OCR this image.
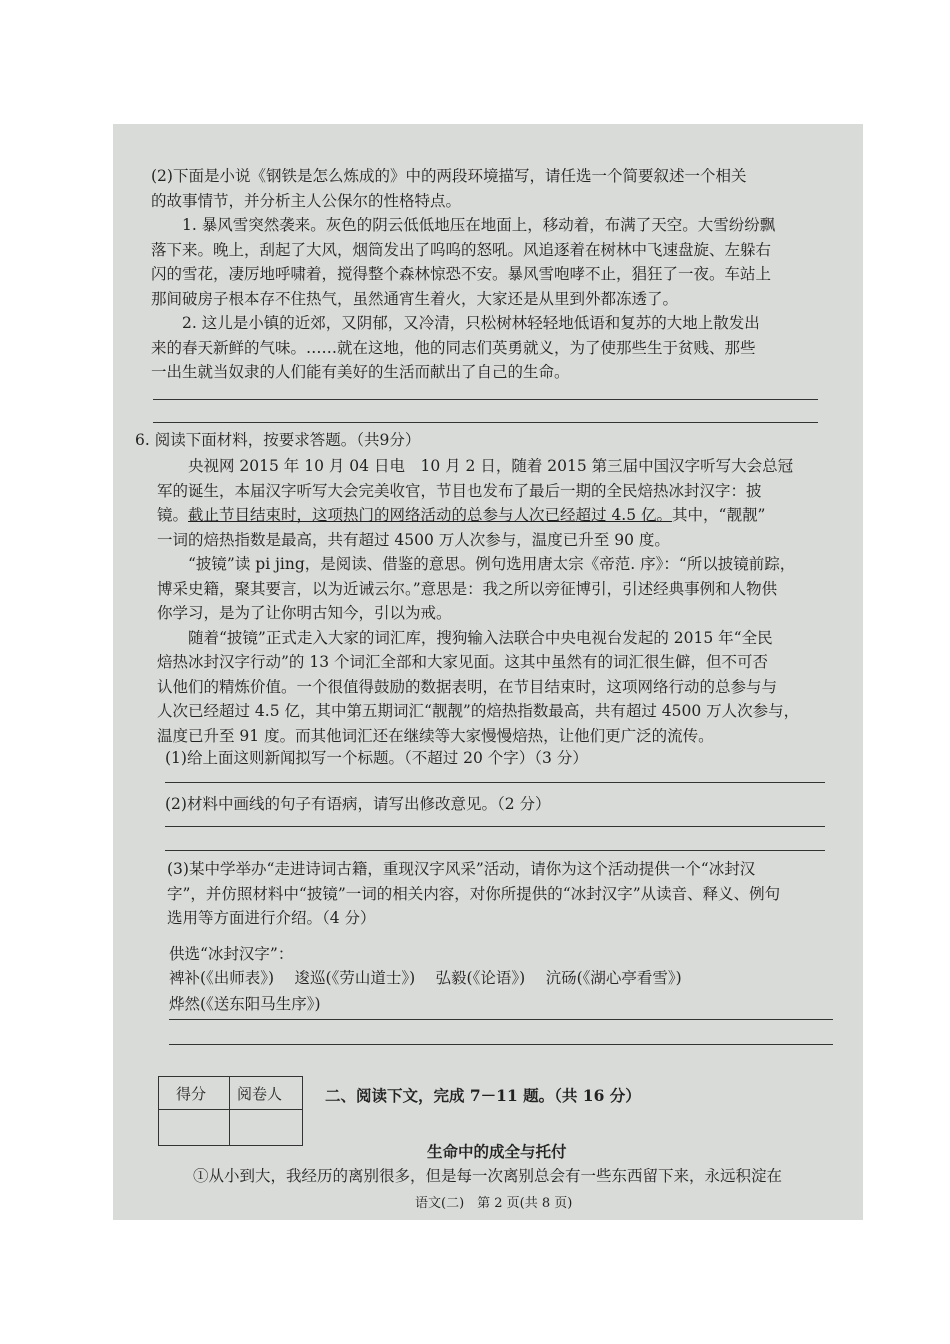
(2)下面是小说《钢铁是怎么炼成的》中的两段环境描写，请任选一个简要叙述一个相关
的故事情节，并分析主人公保尔的性格特点。
　　1. 暴风雪突然袭来。灰色的阴云低低地压在地面上，移动着，布满了天空。大雪纷纷飘
落下来。晚上，刮起了大风，烟筒发出了呜呜的怒吼。风追逐着在树林中飞速盘旋、左躲右
闪的雪花，凄厉地呼啸着，搅得整个森林惊恐不安。暴风雪咆哮不止，猖狂了一夜。车站上
那间破房子根本存不住热气，虽然通宵生着火，大家还是从里到外都冻透了。
　　2. 这儿是小镇的近郊，又阴郁，又冷清，只松树林轻轻地低语和复苏的大地上散发出
来的春天新鲜的气味。……就在这地，他的同志们英勇就义，为了使那些生于贫贱、那些
一出生就当奴隶的人们能有美好的生活而献出了自己的生命。
6. 阅读下面材料，按要求答题。（共9分）
　　央视网 2015 年 10 月 04 日电　10 月 2 日，随着 2015 第三届中国汉字听写大会总冠
军的诞生，本届汉字听写大会完美收官，节目也发布了最后一期的全民焙热冰封汉字：披
镜。截止节目结束时，这项热门的网络活动的总参与人次已经超过 4.5 亿。其中，“靓靓”
一词的焙热指数是最高，共有超过 4500 万人次参与，温度已升至 90 度。
　　“披镜”读 pi jing，是阅读、借鉴的意思。例句选用唐太宗《帝范. 序》：“所以披镜前踪，
博采史籍，聚其要言，以为近诫云尔。”意思是：我之所以旁征博引，引述经典事例和人物供
你学习，是为了让你明古知今，引以为戒。
　　随着“披镜”正式走入大家的词汇库，搜狗输入法联合中央电视台发起的 2015 年“全民
焙热冰封汉字行动”的 13 个词汇全部和大家见面。这其中虽然有的词汇很生僻，但不可否
认他们的精炼价值。一个很值得鼓励的数据表明，在节目结束时，这项网络行动的总参与与
人次已经超过 4.5 亿，其中第五期词汇“靓靓”的焙热指数最高，共有超过 4500 万人次参与，
温度已升至 91 度。而其他词汇还在继续等大家慢慢焙热，让他们更广泛的流传。
(1)给上面这则新闻拟写一个标题。（不超过 20 个字）（3 分）
(2)材料中画线的句子有语病，请写出修改意见。（2 分）
(3)某中学举办“走进诗词古籍，重现汉字风采”活动，请你为这个活动提供一个“冰封汉
字”，并仿照材料中“披镜”一词的相关内容，对你所提供的“冰封汉字”从读音、释义、例句
选用等方面进行介绍。（4 分）
供选“冰封汉字”：
裨补(《出师表》)　 逡巡(《劳山道士》)　 弘毅(《论语》)　 沆砀(《湖心亭看雪》)
烨然(《送东阳马生序》)
得分 阅卷人	二、阅读下文，完成 7－11 题。（共 16 分）
生命中的成全与托付
①从小到大，我经历的离别很多，但是每一次离别总会有一些东西留下来，永远积淀在
语文(二)　第 2 页(共 8 页)
